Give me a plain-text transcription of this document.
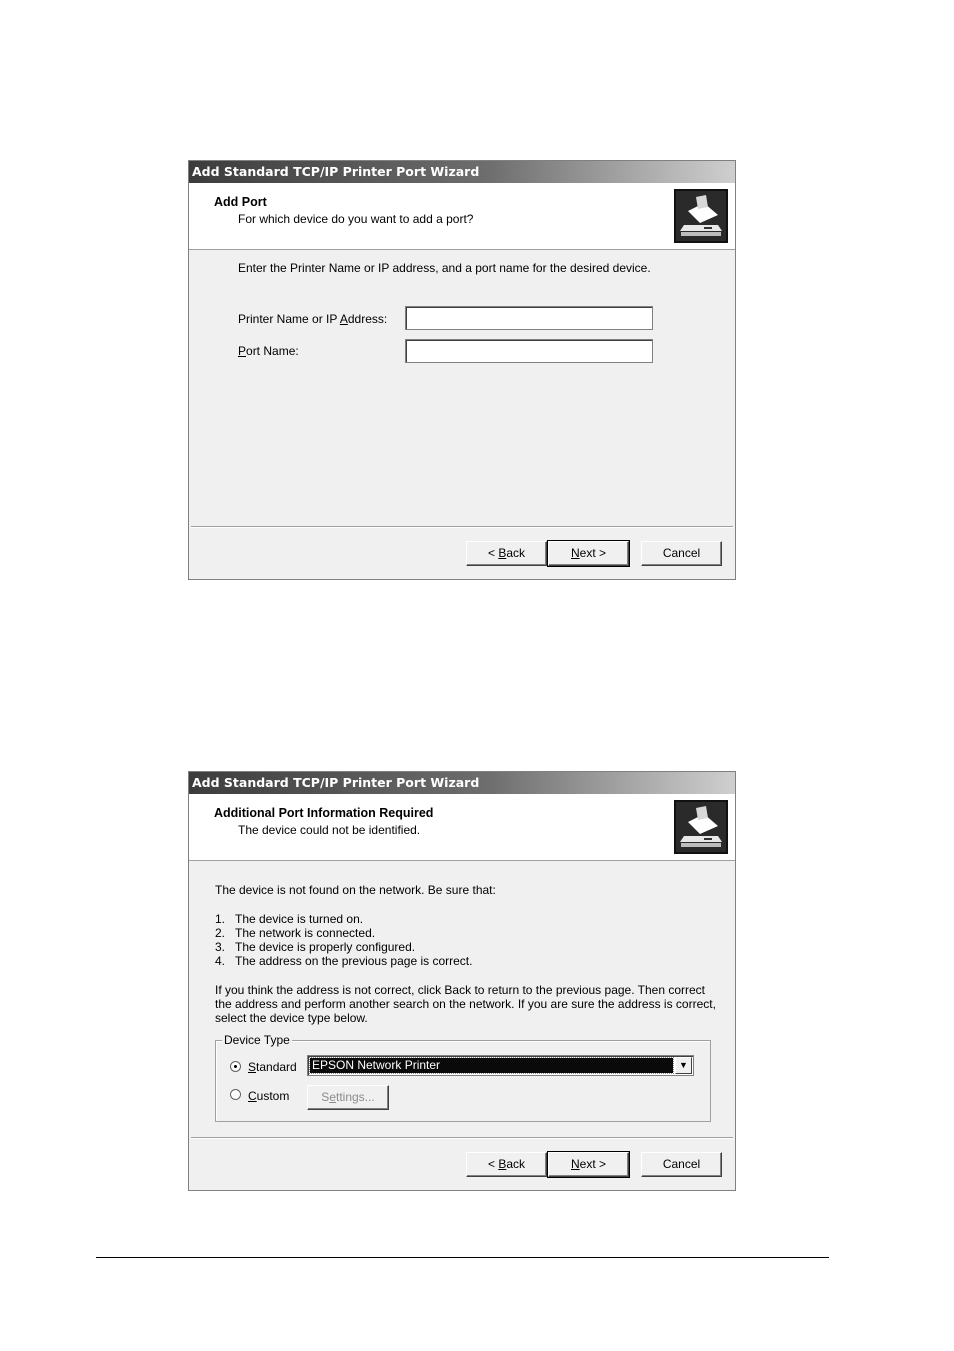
Add Standard TCP/IP Printer Port Wizard
Add Port
For which device do you want to add a port?
Enter the Printer Name or IP address, and a port name for the desired device.
Printer Name or IP Address:
Port Name:
< Back	Next >	Cancel
Add Standard TCP/IP Printer Port Wizard
Additional Port Information Required
The device could not be identified.
The device is not found on the network. Be sure that:
1. The device is turned on.
2. The network is connected.
3. The device is properly configured.
4. The address on the previous page is correct.
If you think the address is not correct, click Back to return to the previous page. Then correct
the address and perform another search on the network. If you are sure the address is correct,
select the device type below.
Device Type
Standard EPSON Network Printer	▼
Custom	Settings...
< Back	Next >	Cancel
